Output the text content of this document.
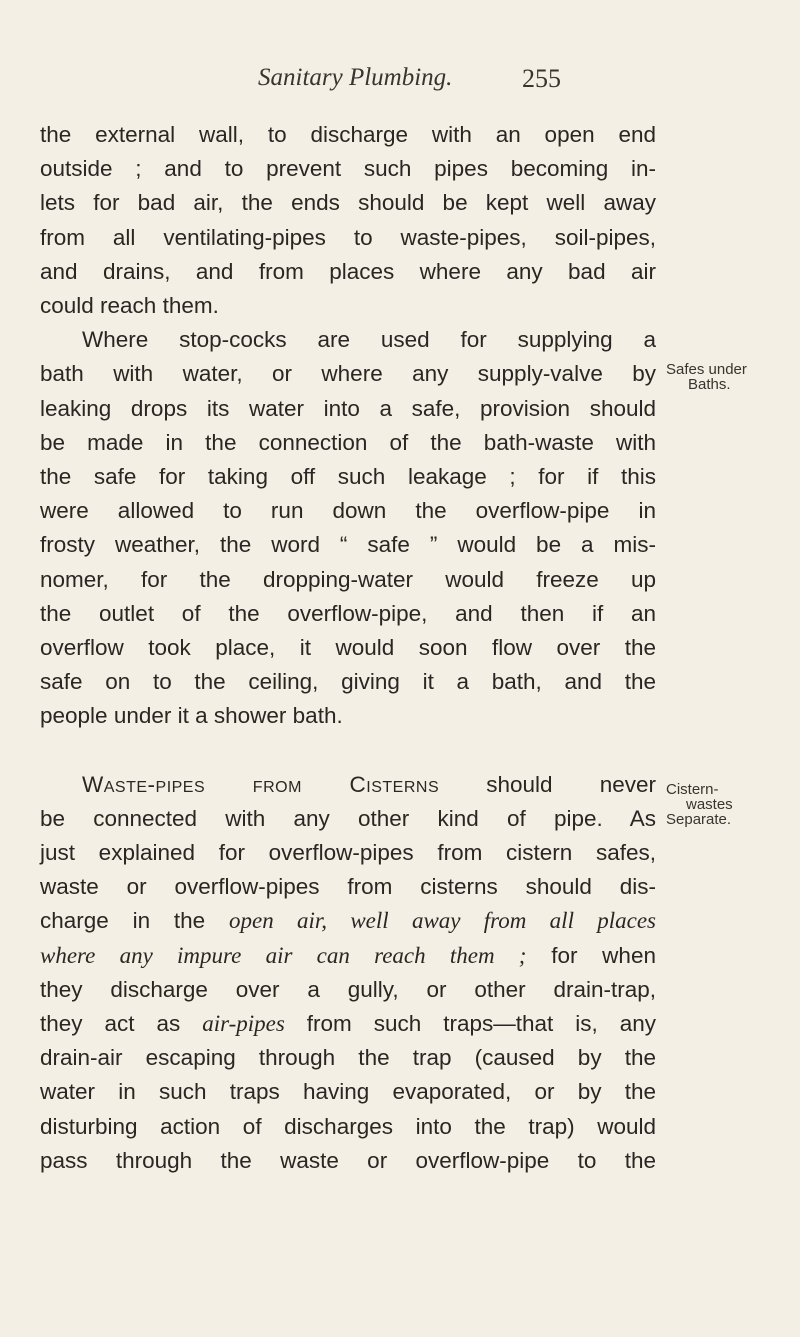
Sanitary Plumbing.	255

the external wall, to discharge with an open end
outside ; and to prevent such pipes becoming in-
lets for bad air, the ends should be kept well away
from all ventilating-pipes to waste-pipes, soil-pipes,
and drains, and from places where any bad air
could reach them.

Where stop-cocks are used for supplying a
bath with water, or where any supply-valve by
leaking drops its water into a safe, provision should
be made in the connection of the bath-waste with
the safe for taking off such leakage ; for if this
were allowed to run down the overflow-pipe in
frosty weather, the word “ safe ” would be a mis-
nomer, for the dropping-water would freeze up
the outlet of the overflow-pipe, and then if an
overflow took place, it would soon flow over the
safe on to the ceiling, giving it a bath, and the
people under it a shower bath.

Waste-pipes from Cisterns should never
be connected with any other kind of pipe. As
just explained for overflow-pipes from cistern safes,
waste or overflow-pipes from cisterns should dis-
charge in the open air, well away from all places
where any impure air can reach them ; for when
they discharge over a gully, or other drain-trap,
they act as air-pipes from such traps—that is, any
drain-air escaping through the trap (caused by the
water in such traps having evaporated, or by the
disturbing action of discharges into the trap) would
pass through the waste or overflow-pipe to the

Safes under
Baths.
Cistern-
wastes
Separate.
